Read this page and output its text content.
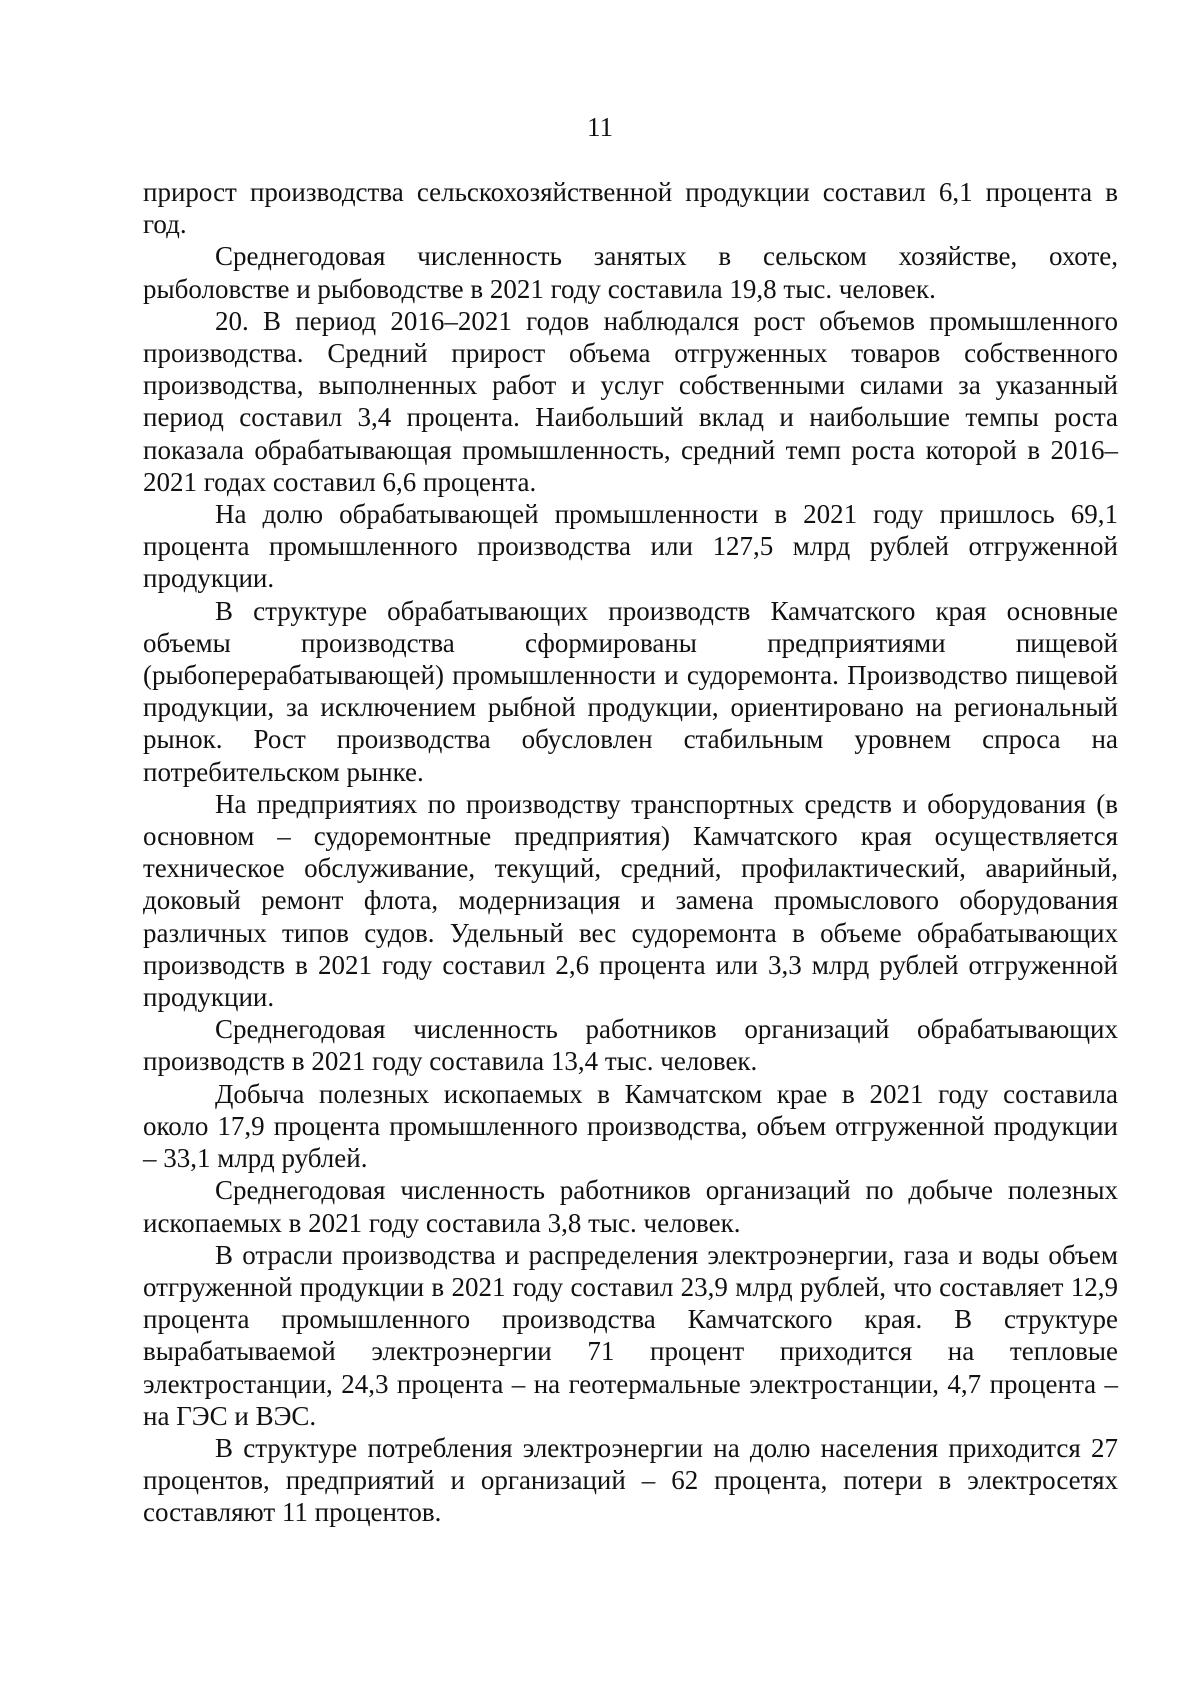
11

прирост производства сельскохозяйственной продукции составил 6,1 процента в год.

Среднегодовая численность занятых в сельском хозяйстве, охоте, рыболовстве и рыбоводстве в 2021 году составила 19,8 тыс. человек.

20. В период 2016–2021 годов наблюдался рост объемов промышленного производства. Средний прирост объема отгруженных товаров собственного производства, выполненных работ и услуг собственными силами за указанный период составил 3,4 процента. Наибольший вклад и наибольшие темпы роста показала обрабатывающая промышленность, средний темп роста которой в 2016–2021 годах составил 6,6 процента.

На долю обрабатывающей промышленности в 2021 году пришлось 69,1 процента промышленного производства или 127,5 млрд рублей отгруженной продукции.

В структуре обрабатывающих производств Камчатского края основные объемы производства сформированы предприятиями пищевой (рыбоперерабатывающей) промышленности и судоремонта. Производство пищевой продукции, за исключением рыбной продукции, ориентировано на региональный рынок. Рост производства обусловлен стабильным уровнем спроса на потребительском рынке.

На предприятиях по производству транспортных средств и оборудования (в основном – судоремонтные предприятия) Камчатского края осуществляется техническое обслуживание, текущий, средний, профилактический, аварийный, доковый ремонт флота, модернизация и замена промыслового оборудования различных типов судов. Удельный вес судоремонта в объеме обрабатывающих производств в 2021 году составил 2,6 процента или 3,3 млрд рублей отгруженной продукции.

Среднегодовая численность работников организаций обрабатывающих производств в 2021 году составила 13,4 тыс. человек.

Добыча полезных ископаемых в Камчатском крае в 2021 году составила около 17,9 процента промышленного производства, объем отгруженной продукции – 33,1 млрд рублей.

Среднегодовая численность работников организаций по добыче полезных ископаемых в 2021 году составила 3,8 тыс. человек.

В отрасли производства и распределения электроэнергии, газа и воды объем отгруженной продукции в 2021 году составил 23,9 млрд рублей, что составляет 12,9 процента промышленного производства Камчатского края. В структуре вырабатываемой электроэнергии 71 процент приходится на тепловые электростанции, 24,3 процента – на геотермальные электростанции, 4,7 процента – на ГЭС и ВЭС.

В структуре потребления электроэнергии на долю населения приходится 27 процентов, предприятий и организаций – 62 процента, потери в электросетях составляют 11 процентов.
